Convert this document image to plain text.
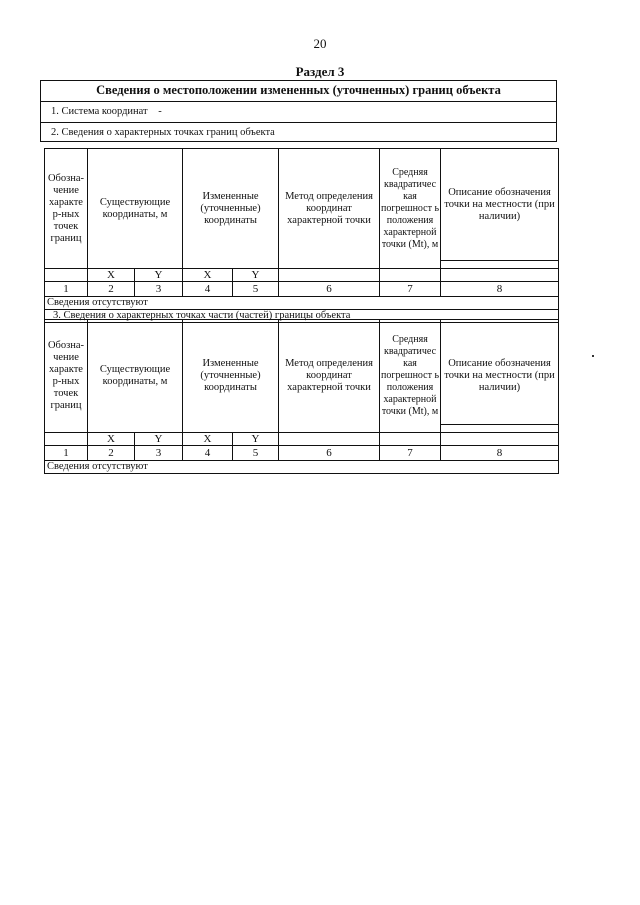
20
Раздел 3
Сведения о местоположении измененных (уточненных) границ объекта
1. Система координат -
2. Сведения о характерных точках границ объекта
Обозна-чение характе р-ных точек границ	Существующие координаты, м		Измененные (уточненные) координаты		Метод определения координат характерной точки	Средняя квадратичес кая погрешност ь положения характерной точки (Mt), м	Описание обозначения точки на местности (при наличии)

	X	Y	X	Y			
1	2	3	4	5	6	7	8
Сведения отсутствуют							
3. Сведения о характерных точках части (частей) границы объекта							
Обозна-чение характе р-ных точек границ	Существующие координаты, м		Измененные (уточненные) координаты		Метод определения координат характерной точки	Средняя квадратичес кая погрешност ь положения характерной точки (Mt), м	Описание обозначения точки на местности (при наличии)

	X	Y	X	Y			
1	2	3	4	5	6	7	8
Сведения отсутствуют							
